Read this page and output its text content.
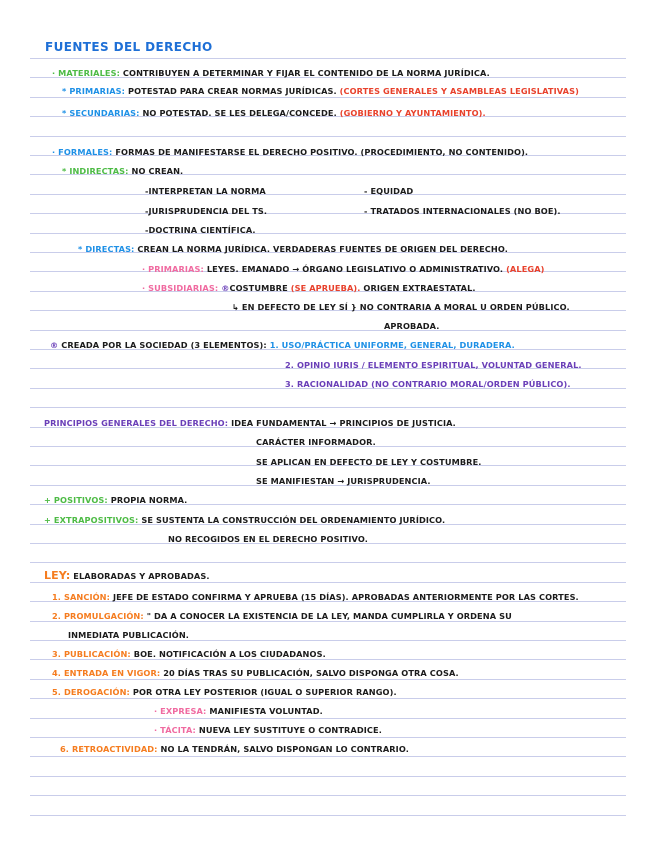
FUENTES DEL DERECHO
· MATERIALES: CONTRIBUYEN A DETERMINAR Y FIJAR EL CONTENIDO DE LA NORMA JURÍDICA.
* PRIMARIAS: POTESTAD PARA CREAR NORMAS JURÍDICAS. (CORTES GENERALES Y ASAMBLEAS LEGISLATIVAS)
* SECUNDARIAS: NO POTESTAD. SE LES DELEGA/CONCEDE. (GOBIERNO Y AYUNTAMIENTO).
· FORMALES: FORMAS DE MANIFESTARSE EL DERECHO POSITIVO. (PROCEDIMIENTO, NO CONTENIDO).
* INDIRECTAS: NO CREAN.
-INTERPRETAN LA NORMA
-JURISPRUDENCIA DEL TS.
-DOCTRINA CIENTÍFICA.
- EQUIDAD
- TRATADOS INTERNACIONALES (NO BOE).
* DIRECTAS: CREAN LA NORMA JURÍDICA. VERDADERAS FUENTES DE ORIGEN DEL DERECHO.
· PRIMARIAS: LEYES. EMANADO → ÓRGANO LEGISLATIVO O ADMINISTRATIVO. (ALEGA)
· SUBSIDIARIAS: ®COSTUMBRE (SE APRUEBA). ORIGEN EXTRAESTATAL.
↳ EN DEFECTO DE LEY SÍ } NO CONTRARIA A MORAL U ORDEN PÚBLICO.
APROBADA.
® CREADA POR LA SOCIEDAD (3 ELEMENTOS): 1. USO/PRÁCTICA UNIFORME, GENERAL, DURADERA.
2. OPINIO IURIS / ELEMENTO ESPIRITUAL, VOLUNTAD GENERAL.
3. RACIONALIDAD (NO CONTRARIO MORAL/ORDEN PÚBLICO).
PRINCIPIOS GENERALES DEL DERECHO: IDEA FUNDAMENTAL → PRINCIPIOS DE JUSTICIA.
CARÁCTER INFORMADOR.
SE APLICAN EN DEFECTO DE LEY Y COSTUMBRE.
SE MANIFIESTAN → JURISPRUDENCIA.
+ POSITIVOS: PROPIA NORMA.
+ EXTRAPOSITIVOS: SE SUSTENTA LA CONSTRUCCIÓN DEL ORDENAMIENTO JURÍDICO.
NO RECOGIDOS EN EL DERECHO POSITIVO.
LEY: ELABORADAS Y APROBADAS.
1. SANCIÓN: JEFE DE ESTADO CONFIRMA Y APRUEBA (15 DÍAS). APROBADAS ANTERIORMENTE POR LAS CORTES.
2. PROMULGACIÓN: " DA A CONOCER LA EXISTENCIA DE LA LEY, MANDA CUMPLIRLA Y ORDENA SU
INMEDIATA PUBLICACIÓN.
3. PUBLICACIÓN: BOE. NOTIFICACIÓN A LOS CIUDADANOS.
4. ENTRADA EN VIGOR: 20 DÍAS TRAS SU PUBLICACIÓN, SALVO DISPONGA OTRA COSA.
5. DEROGACIÓN: POR OTRA LEY POSTERIOR (IGUAL O SUPERIOR RANGO).
· EXPRESA: MANIFIESTA VOLUNTAD.
· TÁCITA: NUEVA LEY SUSTITUYE O CONTRADICE.
6. RETROACTIVIDAD: NO LA TENDRÁN, SALVO DISPONGAN LO CONTRARIO.
